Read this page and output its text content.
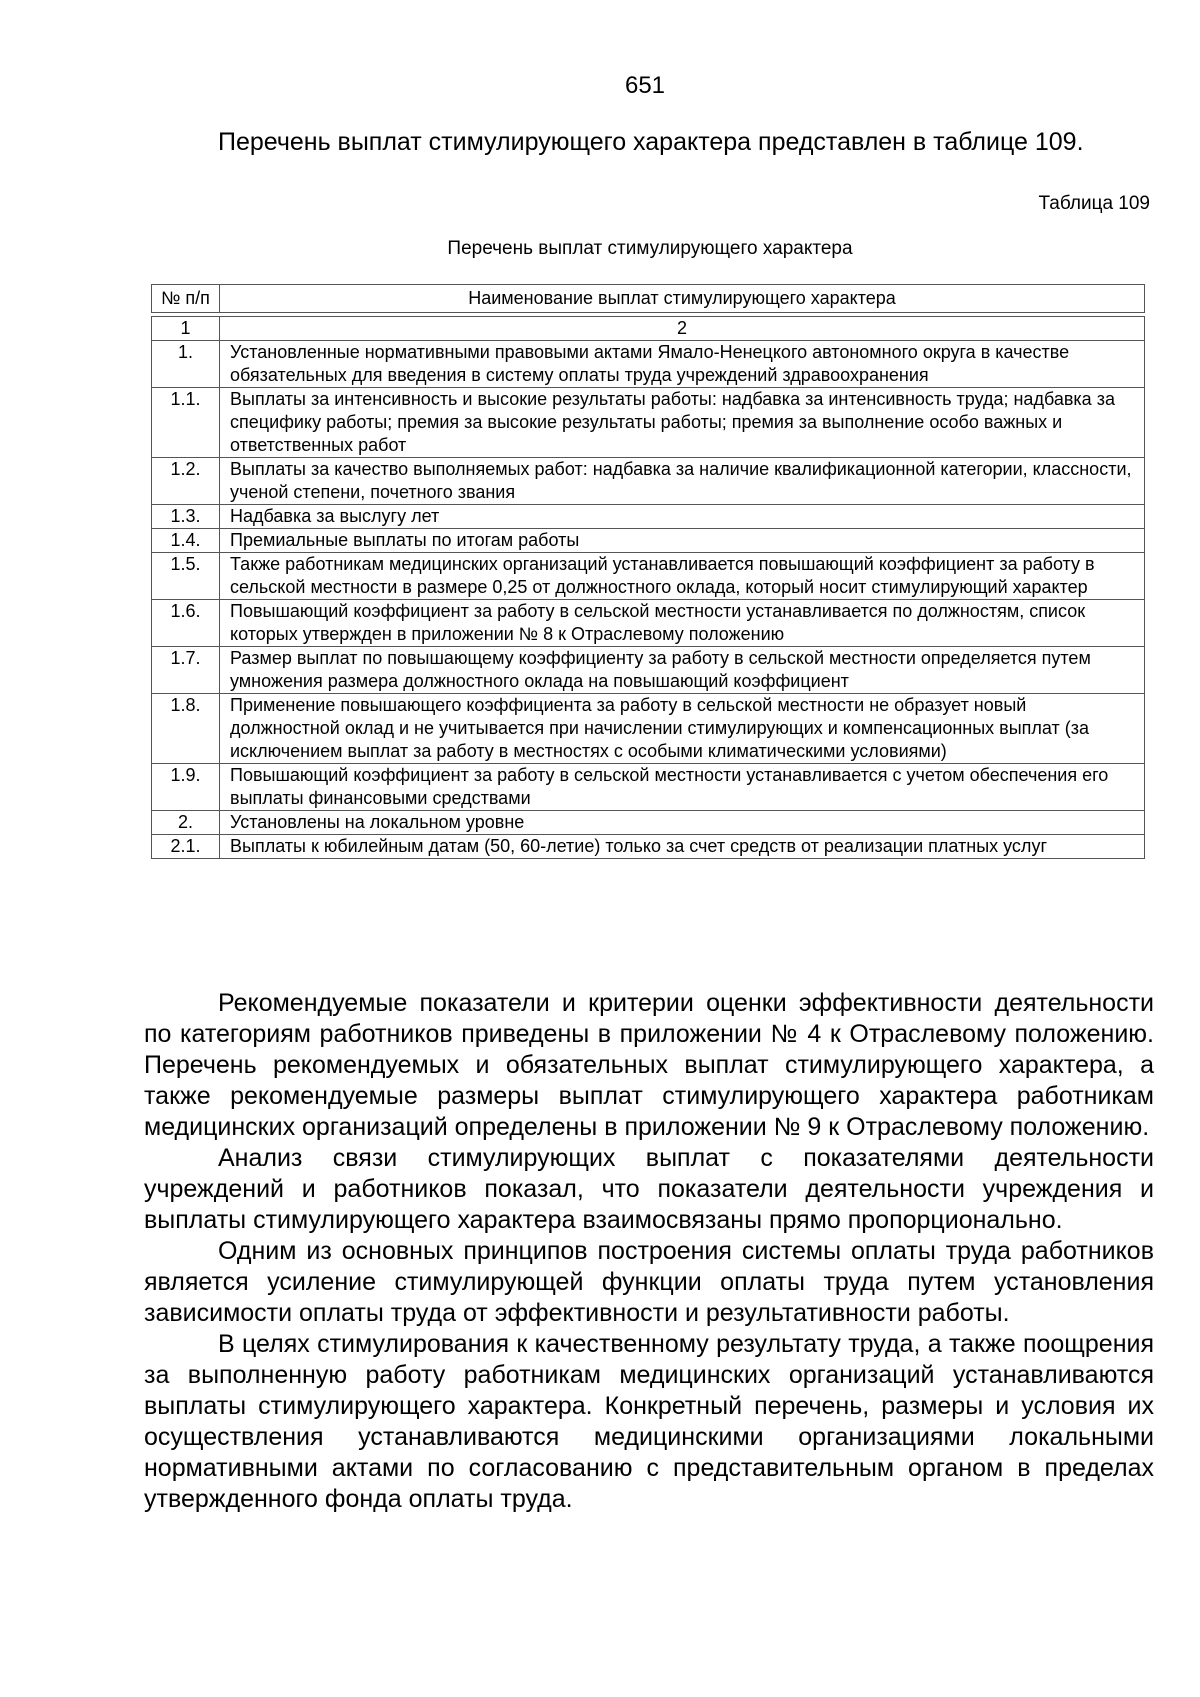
651
Перечень выплат стимулирующего характера представлен в таблице 109.
Таблица 109
Перечень выплат стимулирующего характера
№ п/п	Наименование выплат стимулирующего характера

1	2
1.	Установленные нормативными правовыми актами Ямало-Ненецкого автономного округа в качестве обязательных для введения в систему оплаты труда учреждений здравоохранения
1.1.	Выплаты за интенсивность и высокие результаты работы: надбавка за интенсивность труда; надбавка за специфику работы; премия за высокие результаты работы; премия за выполнение особо важных и ответственных работ
1.2.	Выплаты за качество выполняемых работ: надбавка за наличие квалификационной категории, классности, ученой степени, почетного звания
1.3.	Надбавка за выслугу лет
1.4.	Премиальные выплаты по итогам работы
1.5.	Также работникам медицинских организаций устанавливается повышающий коэффициент за работу в сельской местности в размере 0,25 от должностного оклада, который носит стимулирующий характер
1.6.	Повышающий коэффициент за работу в сельской местности устанавливается по должностям, список которых утвержден в приложении № 8 к Отраслевому положению
1.7.	Размер выплат по повышающему коэффициенту за работу в сельской местности определяется путем умножения размера должностного оклада на повышающий коэффициент
1.8.	Применение повышающего коэффициента за работу в сельской местности не образует новый должностной оклад и не учитывается при начислении стимулирующих и компенсационных выплат (за исключением выплат за работу в местностях с особыми климатическими условиями)
1.9.	Повышающий коэффициент за работу в сельской местности устанавливается с учетом обеспечения его выплаты финансовыми средствами
2.	Установлены на локальном уровне
2.1.	Выплаты к юбилейным датам (50, 60-летие) только за счет средств от реализации платных услуг

Рекомендуемые показатели и критерии оценки эффективности деятельности по категориям работников приведены в приложении № 4 к Отраслевому положению. Перечень рекомендуемых и обязательных выплат стимулирующего характера, а также рекомендуемые размеры выплат стимулирующего характера работникам медицинских организаций определены в приложении № 9 к Отраслевому положению.

Анализ связи стимулирующих выплат с показателями деятельности учреждений и работников показал, что показатели деятельности учреждения и выплаты стимулирующего характера взаимосвязаны прямо пропорционально.

Одним из основных принципов построения системы оплаты труда работников является усиление стимулирующей функции оплаты труда путем установления зависимости оплаты труда от эффективности и результативности работы.

В целях стимулирования к качественному результату труда, а также поощрения за выполненную работу работникам медицинских организаций устанавливаются выплаты стимулирующего характера. Конкретный перечень, размеры и условия их осуществления устанавливаются медицинскими организациями локальными нормативными актами по согласованию с представительным органом в пределах утвержденного фонда оплаты труда.
